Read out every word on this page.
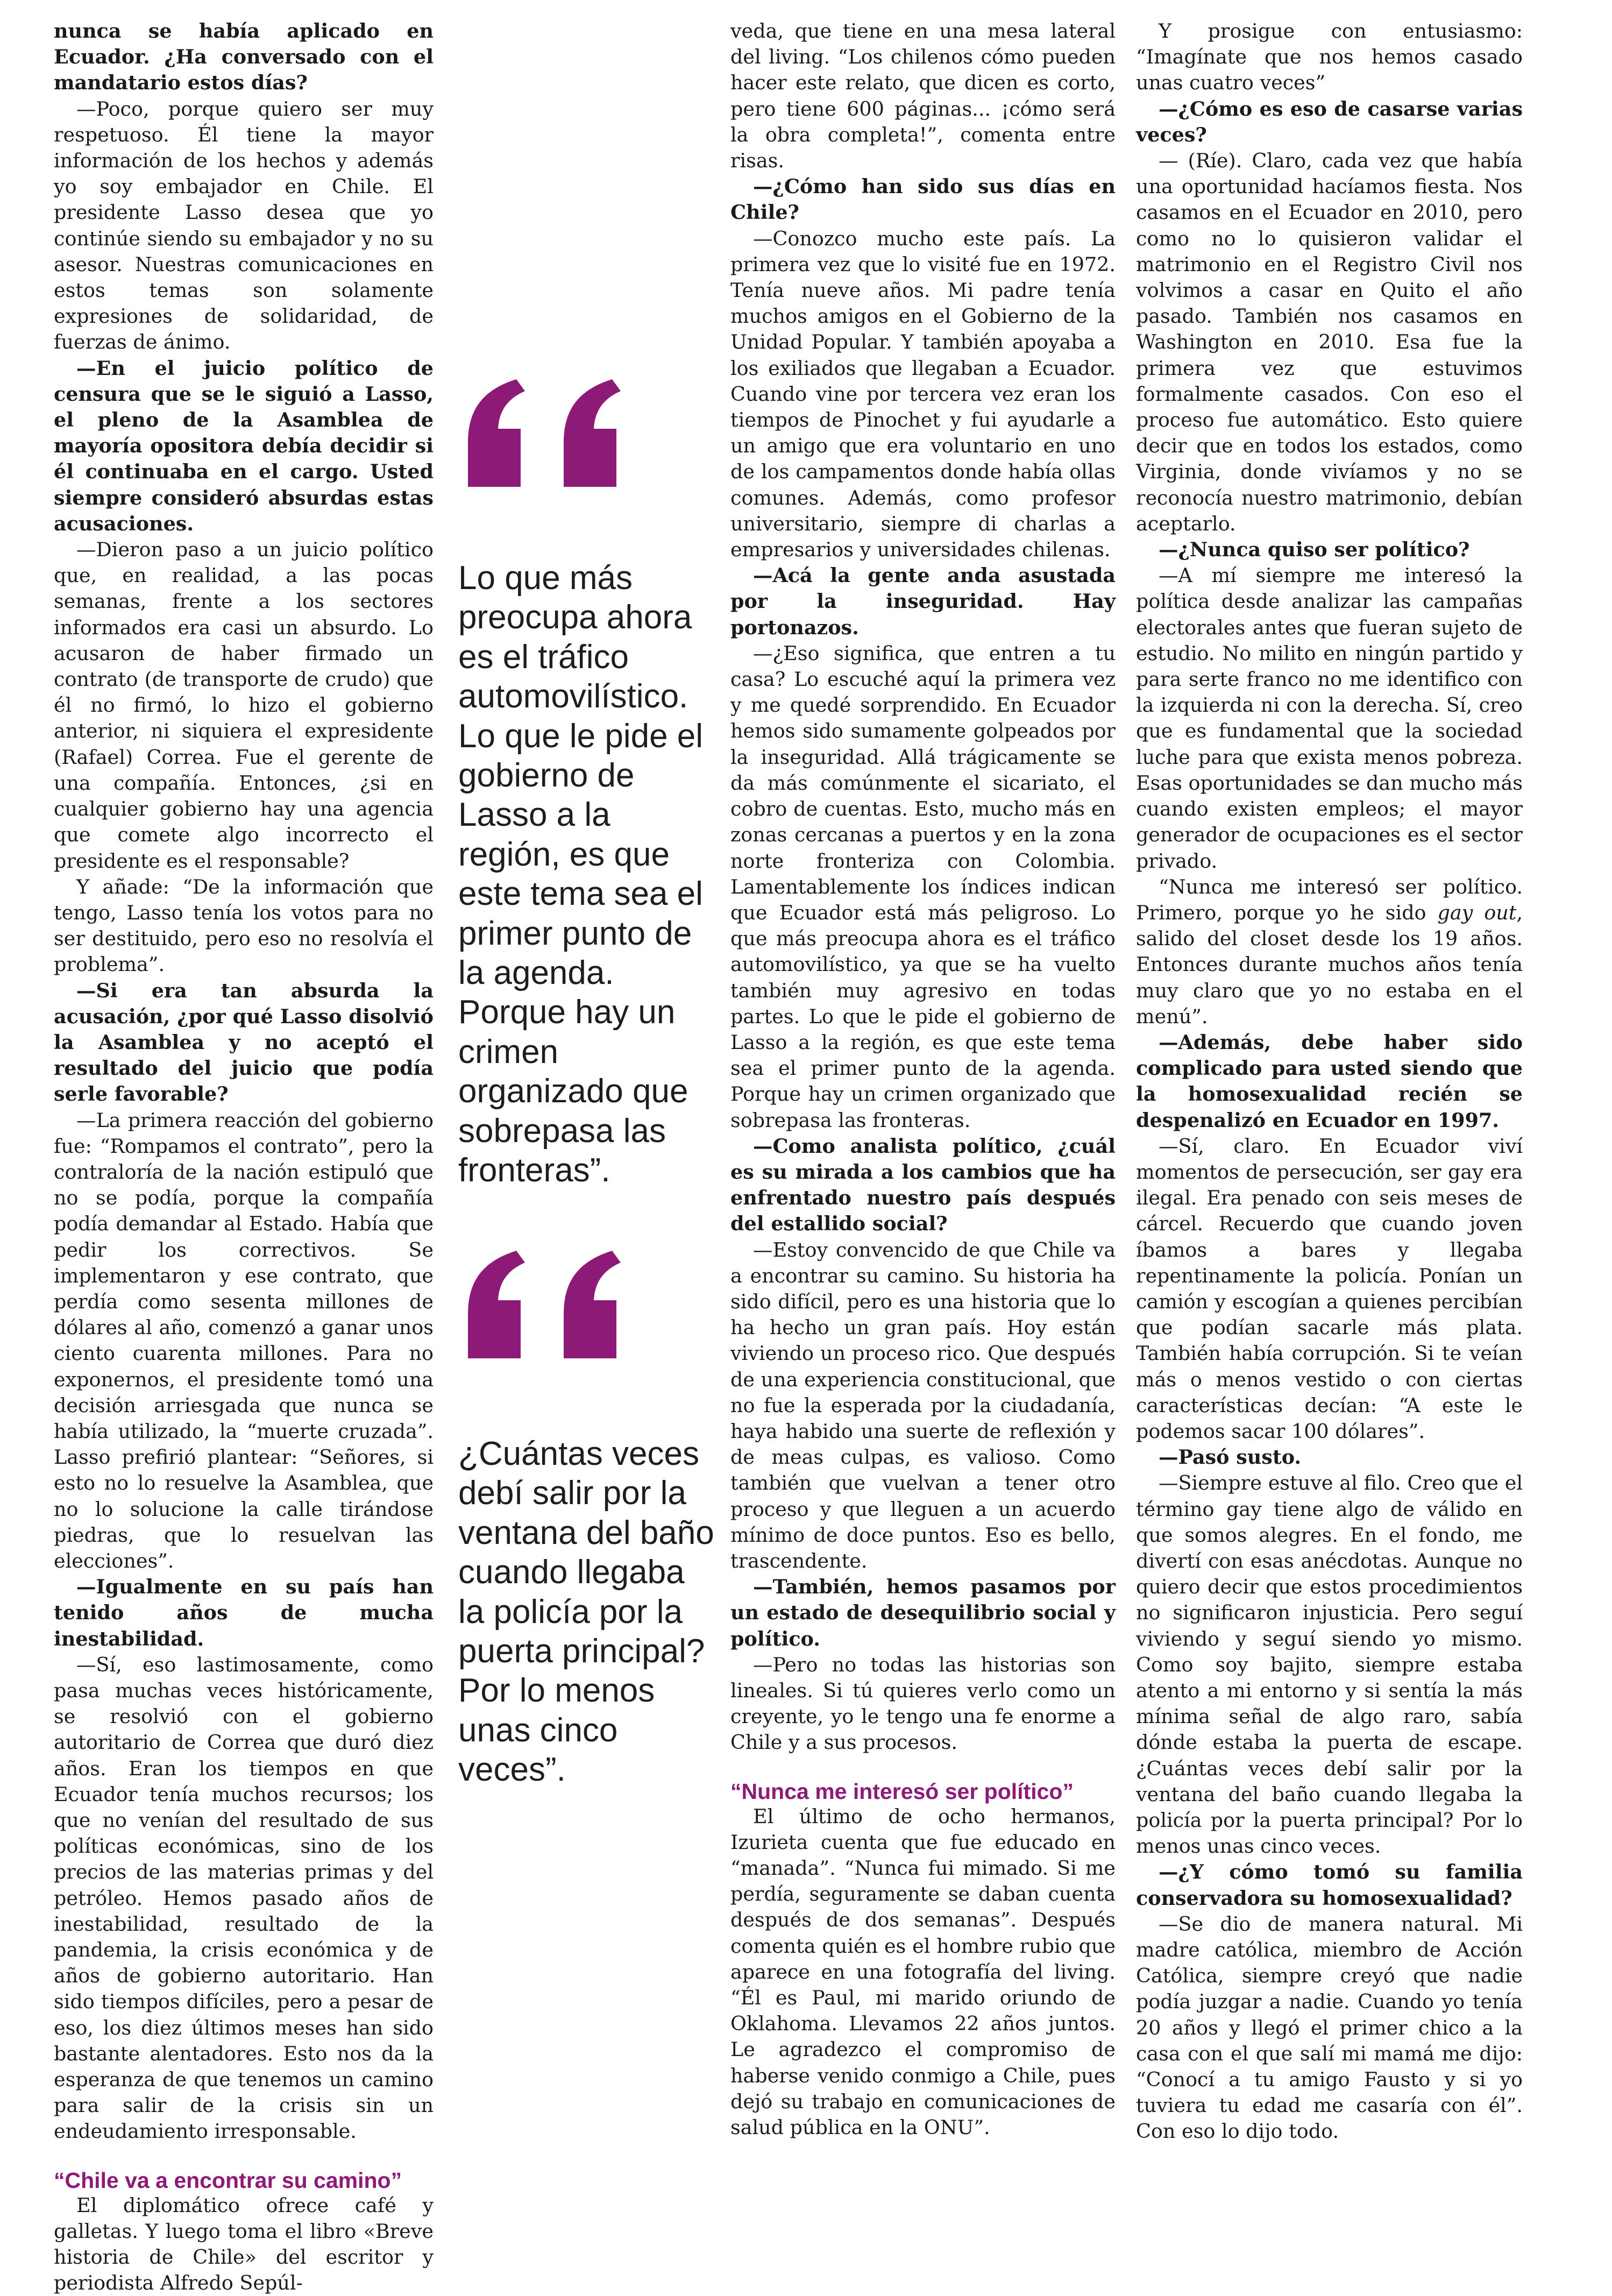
nunca se había aplicado en Ecuador. ¿Ha conversado con el mandatario estos días?

—Poco, porque quiero ser muy respetuoso. Él tiene la mayor información de los hechos y además yo soy embajador en Chile. El presidente Lasso desea que yo continúe siendo su embajador y no su asesor. Nuestras comunicaciones en estos temas son solamente expresiones de solidaridad, de fuerzas de ánimo.

—En el juicio político de censura que se le siguió a Lasso, el pleno de la Asamblea de mayoría opositora debía decidir si él continuaba en el cargo. Usted siempre consideró absurdas estas acusaciones.

—Dieron paso a un juicio político que, en realidad, a las pocas semanas, frente a los sectores informados era casi un absurdo. Lo acusaron de haber firmado un contrato (de transporte de crudo) que él no firmó, lo hizo el gobierno anterior, ni siquiera el expresidente (Rafael) Correa. Fue el gerente de una compañía. Entonces, ¿si en cualquier gobierno hay una agencia que comete algo incorrecto el presidente es el responsable?

Y añade: “De la información que tengo, Lasso tenía los votos para no ser destituido, pero eso no resolvía el problema”.

—Si era tan absurda la acusación, ¿por qué Lasso disolvió la Asamblea y no aceptó el resultado del juicio que podía serle favorable?

—La primera reacción del gobierno fue: “Rompamos el contrato”, pero la contraloría de la nación estipuló que no se podía, porque la compañía podía demandar al Estado. Había que pedir los correctivos. Se implementaron y ese contrato, que perdía como sesenta millones de dólares al año, comenzó a ganar unos ciento cuarenta millones. Para no exponernos, el presidente tomó una decisión arriesgada que nunca se había utilizado, la “muerte cruzada”. Lasso prefirió plantear: “Señores, si esto no lo resuelve la Asamblea, que no lo solucione la calle tirándose piedras, que lo resuelvan las elecciones”.

—Igualmente en su país han tenido años de mucha inestabilidad.

—Sí, eso lastimosamente, como pasa muchas veces históricamente, se resolvió con el gobierno autoritario de Correa que duró diez años. Eran los tiempos en que Ecuador tenía muchos recursos; los que no venían del resultado de sus políticas económicas, sino de los precios de las materias primas y del petróleo. Hemos pasado años de inestabilidad, resultado de la pandemia, la crisis económica y de años de gobierno autoritario. Han sido tiempos difíciles, pero a pesar de eso, los diez últimos meses han sido bastante alentadores. Esto nos da la esperanza de que tenemos un camino para salir de la crisis sin un endeudamiento irresponsable.

“Chile va a encontrar su camino”

El diplomático ofrece café y galletas. Y luego toma el libro «Breve historia de Chile» del escritor y periodista Alfredo Sepúl-

Lo que más preocupa ahora es el tráfico automovilístico. Lo que le pide el gobierno de Lasso a la región, es que este tema sea el primer punto de la agenda. Porque hay un crimen organizado que sobrepasa las fronteras”.
¿Cuántas veces debí salir por la ventana del baño cuando llegaba la policía por la puerta principal? Por lo menos unas cinco veces”.

veda, que tiene en una mesa lateral del living. “Los chilenos cómo pueden hacer este relato, que dicen es corto, pero tiene 600 páginas... ¡cómo será la obra completa!”, comenta entre risas.

—¿Cómo han sido sus días en Chile?

—Conozco mucho este país. La primera vez que lo visité fue en 1972. Tenía nueve años. Mi padre tenía muchos amigos en el Gobierno de la Unidad Popular. Y también apoyaba a los exiliados que llegaban a Ecuador. Cuando vine por tercera vez eran los tiempos de Pinochet y fui ayudarle a un amigo que era voluntario en uno de los campamentos donde había ollas comunes. Además, como profesor universitario, siempre di charlas a empresarios y universidades chilenas.

—Acá la gente anda asustada por la inseguridad. Hay portonazos.

—¿Eso significa, que entren a tu casa? Lo escuché aquí la primera vez y me quedé sorprendido. En Ecuador hemos sido sumamente golpeados por la inseguridad. Allá trágicamente se da más comúnmente el sicariato, el cobro de cuentas. Esto, mucho más en zonas cercanas a puertos y en la zona norte fronteriza con Colombia. Lamentablemente los índices indican que Ecuador está más peligroso. Lo que más preocupa ahora es el tráfico automovilístico, ya que se ha vuelto también muy agresivo en todas partes. Lo que le pide el gobierno de Lasso a la región, es que este tema sea el primer punto de la agenda. Porque hay un crimen organizado que sobrepasa las fronteras.

—Como analista político, ¿cuál es su mirada a los cambios que ha enfrentado nuestro país después del estallido social?

—Estoy convencido de que Chile va a encontrar su camino. Su historia ha sido difícil, pero es una historia que lo ha hecho un gran país. Hoy están viviendo un proceso rico. Que después de una experiencia constitucional, que no fue la esperada por la ciudadanía, haya habido una suerte de reflexión y de meas culpas, es valioso. Como también que vuelvan a tener otro proceso y que lleguen a un acuerdo mínimo de doce puntos. Eso es bello, trascendente.

—También, hemos pasamos por un estado de desequilibrio social y político.

—Pero no todas las historias son lineales. Si tú quieres verlo como un creyente, yo le tengo una fe enorme a Chile y a sus procesos.

“Nunca me interesó ser político”

El último de ocho hermanos, Izurieta cuenta que fue educado en “manada”. “Nunca fui mimado. Si me perdía, seguramente se daban cuenta después de dos semanas”. Después comenta quién es el hombre rubio que aparece en una fotografía del living. “Él es Paul, mi marido oriundo de Oklahoma. Llevamos 22 años juntos. Le agradezco el compromiso de haberse venido conmigo a Chile, pues dejó su trabajo en comunicaciones de salud pública en la ONU”.

Y prosigue con entusiasmo: “Imagínate que nos hemos casado unas cuatro veces”

—¿Cómo es eso de casarse varias veces?

— (Ríe). Claro, cada vez que había una oportunidad hacíamos fiesta. Nos casamos en el Ecuador en 2010, pero como no lo quisieron validar el matrimonio en el Registro Civil nos volvimos a casar en Quito el año pasado. También nos casamos en Washington en 2010. Esa fue la primera vez que estuvimos formalmente casados. Con eso el proceso fue automático. Esto quiere decir que en todos los estados, como Virginia, donde vivíamos y no se reconocía nuestro matrimonio, debían aceptarlo.

—¿Nunca quiso ser político?

—A mí siempre me interesó la política desde analizar las campañas electorales antes que fueran sujeto de estudio. No milito en ningún partido y para serte franco no me identifico con la izquierda ni con la derecha. Sí, creo que es fundamental que la sociedad luche para que exista menos pobreza. Esas oportunidades se dan mucho más cuando existen empleos; el mayor generador de ocupaciones es el sector privado.

“Nunca me interesó ser político. Primero, porque yo he sido gay out, salido del closet desde los 19 años. Entonces durante muchos años tenía muy claro que yo no estaba en el menú”.

—Además, debe haber sido complicado para usted siendo que la homosexualidad recién se despenalizó en Ecuador en 1997.

—Sí, claro. En Ecuador viví momentos de persecución, ser gay era ilegal. Era penado con seis meses de cárcel. Recuerdo que cuando joven íbamos a bares y llegaba repentinamente la policía. Ponían un camión y escogían a quienes percibían que podían sacarle más plata. También había corrupción. Si te veían más o menos vestido o con ciertas características decían: “A este le podemos sacar 100 dólares”.

—Pasó susto.

—Siempre estuve al filo. Creo que el término gay tiene algo de válido en que somos alegres. En el fondo, me divertí con esas anécdotas. Aunque no quiero decir que estos procedimientos no significaron injusticia. Pero seguí viviendo y seguí siendo yo mismo. Como soy bajito, siempre estaba atento a mi entorno y si sentía la más mínima señal de algo raro, sabía dónde estaba la puerta de escape. ¿Cuántas veces debí salir por la ventana del baño cuando llegaba la policía por la puerta principal? Por lo menos unas cinco veces.

—¿Y cómo tomó su familia conservadora su homosexualidad?

—Se dio de manera natural. Mi madre católica, miembro de Acción Católica, siempre creyó que nadie podía juzgar a nadie. Cuando yo tenía 20 años y llegó el primer chico a la casa con el que salí mi mamá me dijo: “Conocí a tu amigo Fausto y si yo tuviera tu edad me casaría con él”. Con eso lo dijo todo.
